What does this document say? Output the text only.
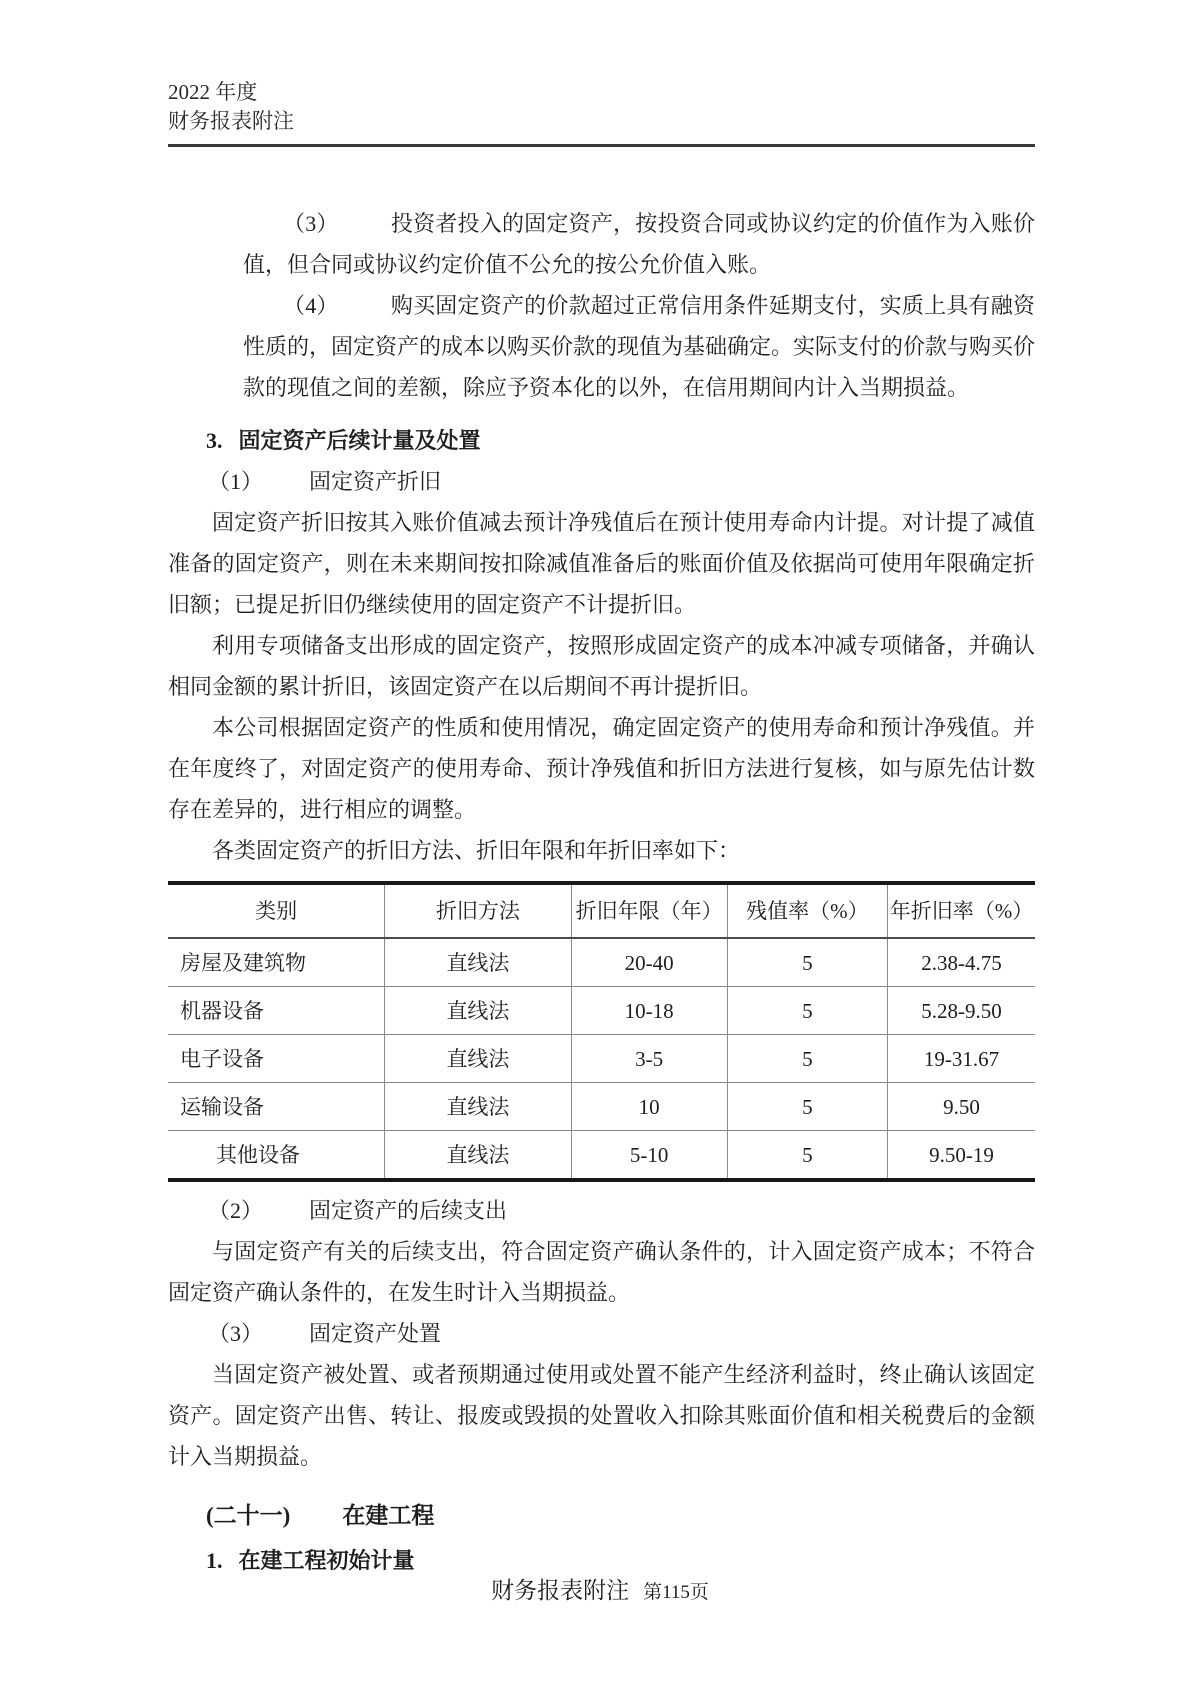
2022 年度
财务报表附注

（3） 投资者投入的固定资产，按投资合同或协议约定的价值作为入账价值，但合同或协议约定价值不公允的按公允价值入账。

（4） 购买固定资产的价款超过正常信用条件延期支付，实质上具有融资性质的，固定资产的成本以购买价款的现值为基础确定。实际支付的价款与购买价款的现值之间的差额，除应予资本化的以外，在信用期间内计入当期损益。

3. 固定资产后续计量及处置

（1） 固定资产折旧

固定资产折旧按其入账价值减去预计净残值后在预计使用寿命内计提。对计提了减值准备的固定资产，则在未来期间按扣除减值准备后的账面价值及依据尚可使用年限确定折旧额；已提足折旧仍继续使用的固定资产不计提折旧。

利用专项储备支出形成的固定资产，按照形成固定资产的成本冲减专项储备，并确认相同金额的累计折旧，该固定资产在以后期间不再计提折旧。

本公司根据固定资产的性质和使用情况，确定固定资产的使用寿命和预计净残值。并在年度终了，对固定资产的使用寿命、预计净残值和折旧方法进行复核，如与原先估计数存在差异的，进行相应的调整。

各类固定资产的折旧方法、折旧年限和年折旧率如下：

类别	折旧方法	折旧年限（年）	残值率（%）	年折旧率（%）
房屋及建筑物	直线法	20-40	5	2.38-4.75
机器设备	直线法	10-18	5	5.28-9.50
电子设备	直线法	3-5	5	19-31.67
运输设备	直线法	10	5	9.50
其他设备	直线法	5-10	5	9.50-19

（2） 固定资产的后续支出

与固定资产有关的后续支出，符合固定资产确认条件的，计入固定资产成本；不符合固定资产确认条件的，在发生时计入当期损益。

（3） 固定资产处置

当固定资产被处置、或者预期通过使用或处置不能产生经济利益时，终止确认该固定资产。固定资产出售、转让、报废或毁损的处置收入扣除其账面价值和相关税费后的金额计入当期损益。

(二十一) 在建工程

1. 在建工程初始计量

财务报表附注 第115页
